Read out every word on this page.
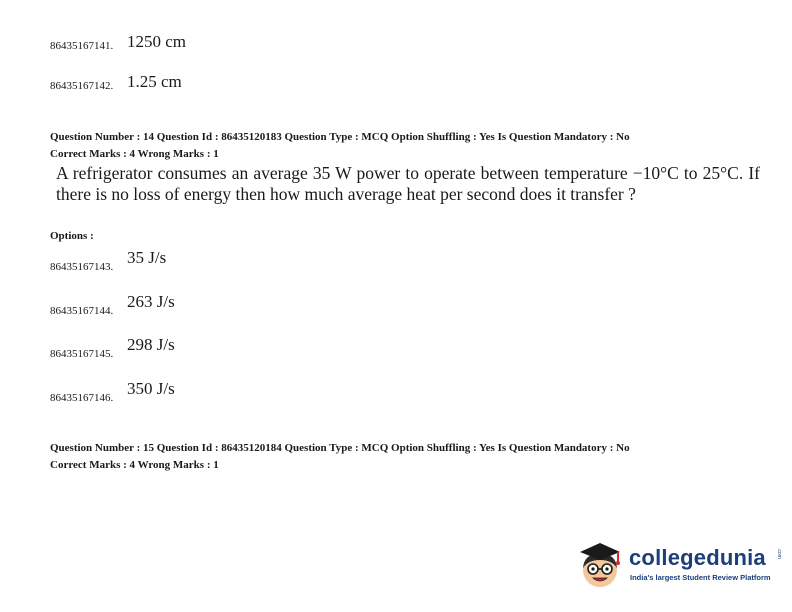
86435167141. 1250 cm
86435167142. 1.25 cm
Question Number : 14 Question Id : 86435120183 Question Type : MCQ Option Shuffling : Yes Is Question Mandatory : No
Correct Marks : 4 Wrong Marks : 1

A refrigerator consumes an average 35 W power to operate between temperature −10°C to 25°C. If there is no loss of energy then how much average heat per second does it transfer ?

Options :
86435167143. 35 J/s
86435167144. 263 J/s
86435167145. 298 J/s
86435167146. 350 J/s
Question Number : 15 Question Id : 86435120184 Question Type : MCQ Option Shuffling : Yes Is Question Mandatory : No
Correct Marks : 4 Wrong Marks : 1
collegedunia .com
India's largest Student Review Platform
